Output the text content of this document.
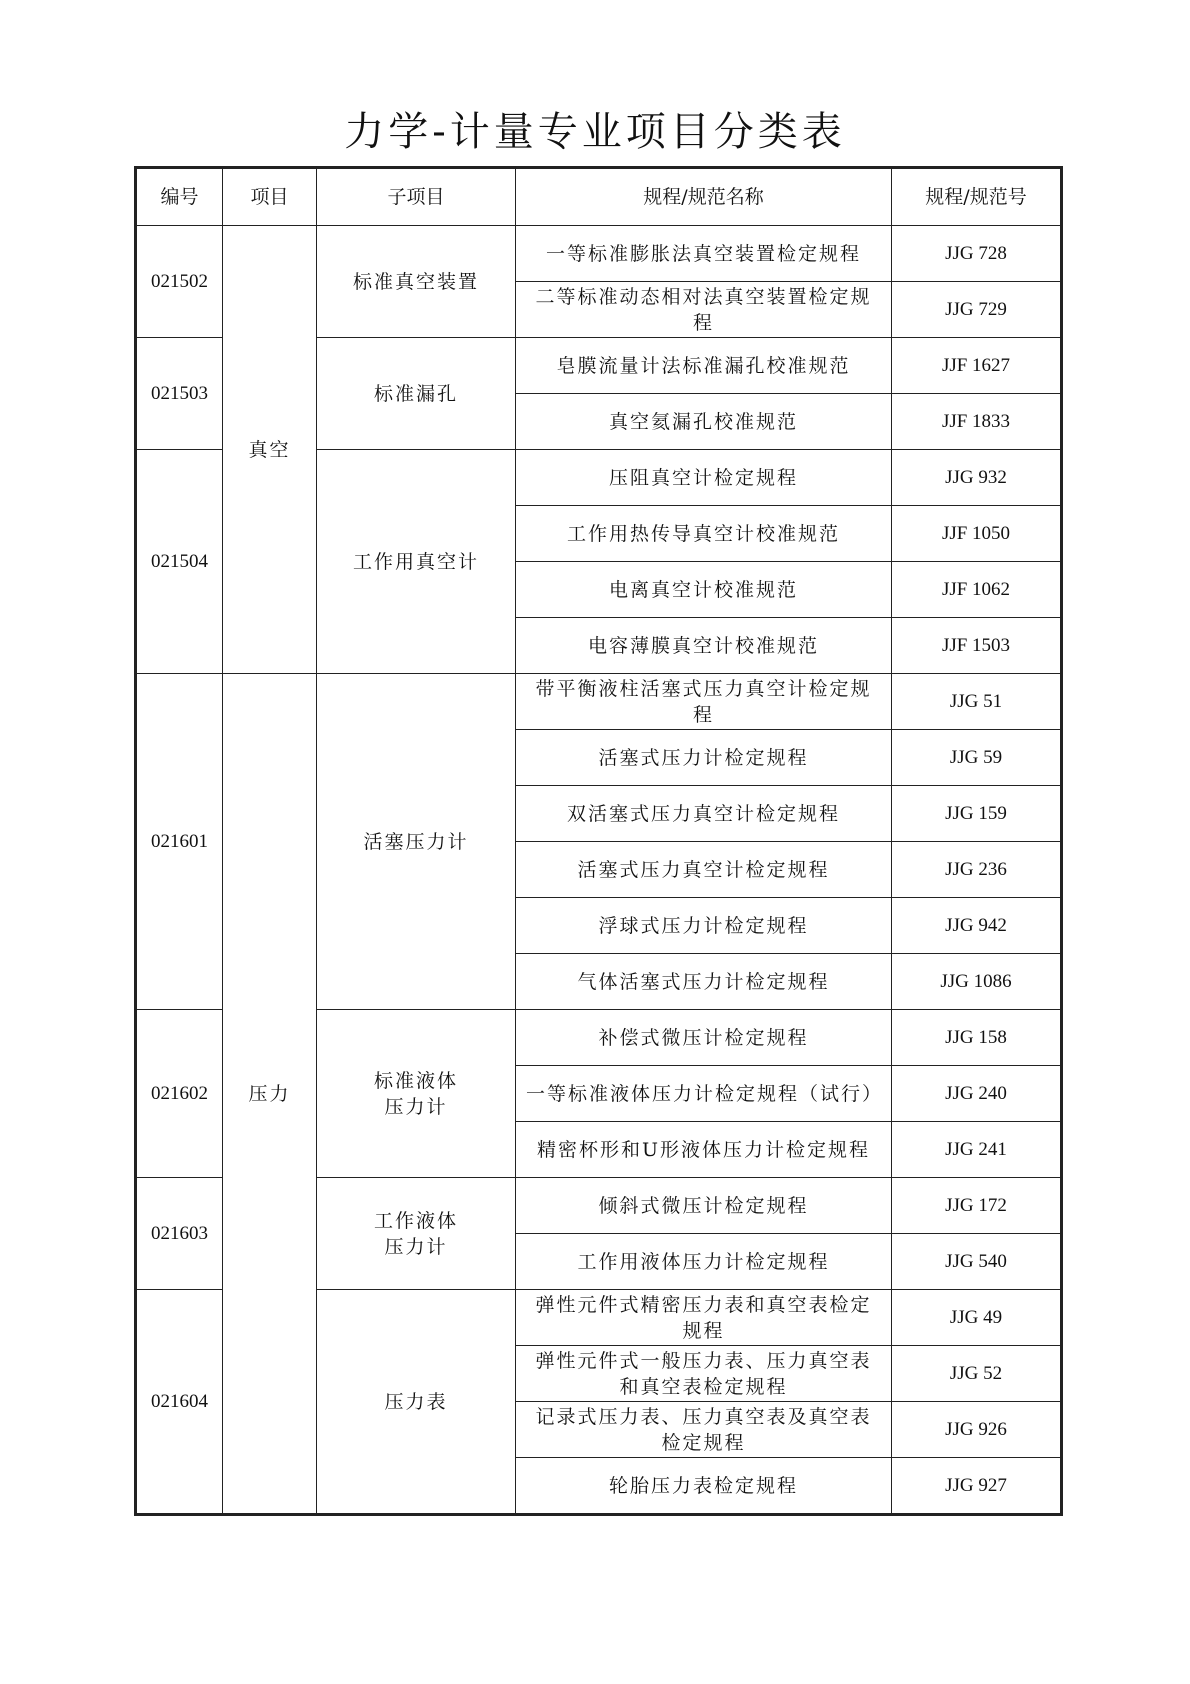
力学-计量专业项目分类表
编号	项目	子项目	规程/规范名称	规程/规范号
021502	真空	标准真空装置	一等标准膨胀法真空装置检定规程	JJG 728
			二等标准动态相对法真空装置检定规程	JJG 729
021503		标准漏孔	皂膜流量计法标准漏孔校准规范	JJF 1627
			真空氦漏孔校准规范	JJF 1833
021504		工作用真空计	压阻真空计检定规程	JJG 932
			工作用热传导真空计校准规范	JJF 1050
			电离真空计校准规范	JJF 1062
			电容薄膜真空计校准规范	JJF 1503
021601	压力	活塞压力计	带平衡液柱活塞式压力真空计检定规程	JJG 51
			活塞式压力计检定规程	JJG 59
			双活塞式压力真空计检定规程	JJG 159
			活塞式压力真空计检定规程	JJG 236
			浮球式压力计检定规程	JJG 942
			气体活塞式压力计检定规程	JJG 1086
021602		标准液体压力计	补偿式微压计检定规程	JJG 158
			一等标准液体压力计检定规程（试行）	JJG 240
			精密杯形和U形液体压力计检定规程	JJG 241
021603		工作液体压力计	倾斜式微压计检定规程	JJG 172
			工作用液体压力计检定规程	JJG 540
021604		压力表	弹性元件式精密压力表和真空表检定规程	JJG 49
			弹性元件式一般压力表、压力真空表和真空表检定规程	JJG 52
			记录式压力表、压力真空表及真空表检定规程	JJG 926
			轮胎压力表检定规程	JJG 927
